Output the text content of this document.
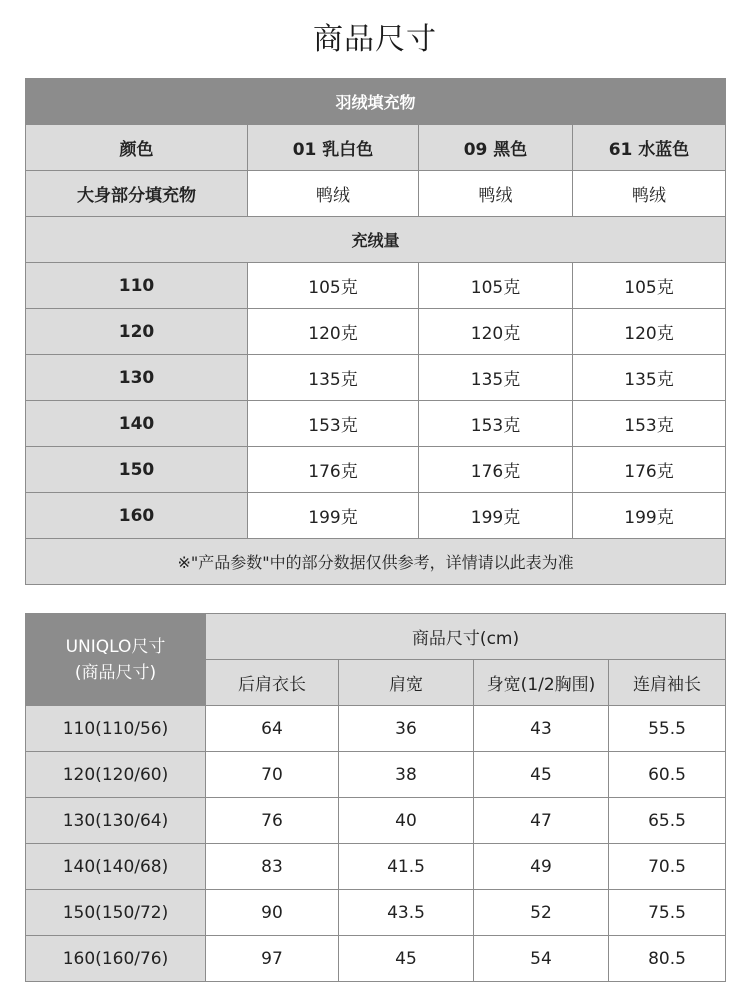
商品尺寸
羽绒填充物			
颜色	01 乳白色	09 黑色	61 水蓝色
大身部分填充物	鸭绒	鸭绒	鸭绒
充绒量			
110	105克	105克	105克
120	120克	120克	120克
130	135克	135克	135克
140	153克	153克	153克
150	176克	176克	176克
160	199克	199克	199克
※"产品参数"中的部分数据仅供参考，详情请以此表为准			
UNIQLO尺寸
(商品尺寸)	商品尺寸(cm)			
	后肩衣长	肩宽	身宽(1/2胸围)	连肩袖长
110(110/56)	64	36	43	55.5
120(120/60)	70	38	45	60.5
130(130/64)	76	40	47	65.5
140(140/68)	83	41.5	49	70.5
150(150/72)	90	43.5	52	75.5
160(160/76)	97	45	54	80.5
